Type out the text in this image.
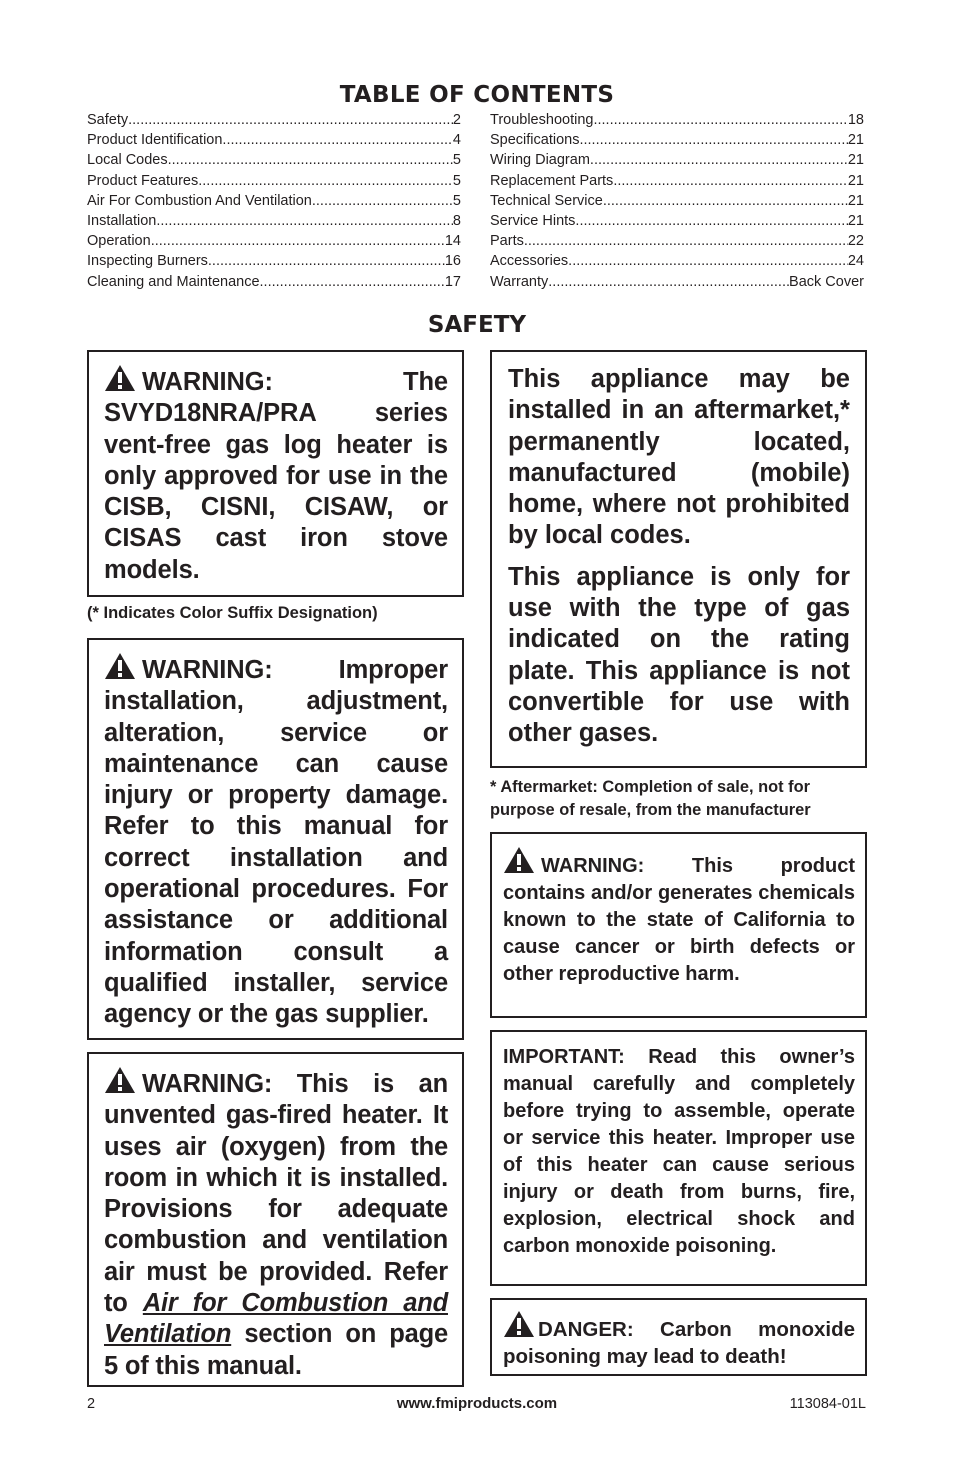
TABLE OF CONTENTS
Safety .....	2
Product Identification .....	4
Local Codes .....	5
Product Features .....	5
Air For Combustion And Ventilation .....	5
Installation .....	8
Operation .....	14
Inspecting Burners .....	16
Cleaning and Maintenance .....	17
Troubleshooting .....	18
Specifications .....	21
Wiring Diagram .....	21
Replacement Parts .....	21
Technical Service .....	21
Service Hints .....	21
Parts .....	22
Accessories .....	24
Warranty .....	Back Cover
SAFETY

WARNING: The SVYD18NRA/PRA series vent-free gas log heater is only approved for use in the CISB, CISNI, CISAW, or CISAS cast iron stove models.

(* Indicates Color Suffix Designation)

WARNING: Improper installation, adjustment, alteration, service or maintenance can cause injury or property damage. Refer to this manual for correct installation and operational procedures. For assistance or additional information consult a qualified installer, service agency or the gas supplier.

WARNING: This is an unvented gas-fired heater. It uses air (oxygen) from the room in which it is installed. Provisions for adequate combustion and ventilation air must be provided. Refer to Air for Combustion and Ventilation section on page 5 of this manual.

This appliance may be installed in an aftermarket,* permanently located, manufactured (mobile) home, where not prohibited by local codes.

This appliance is only for use with the type of gas indicated on the rating plate. This appliance is not convertible for use with other gases.

* Aftermarket: Completion of sale, not for purpose of resale, from the manufacturer

WARNING: This product contains and/or generates chemicals known to the state of California to cause cancer or birth defects or other reproductive harm.

IMPORTANT: Read this owner’s manual carefully and completely before trying to assemble, operate or service this heater. Improper use of this heater can cause serious injury or death from burns, fire, explosion, electrical shock and carbon monoxide poisoning.

DANGER: Carbon monoxide poisoning may lead to death!

2	www.fmiproducts.com	113084-01L
